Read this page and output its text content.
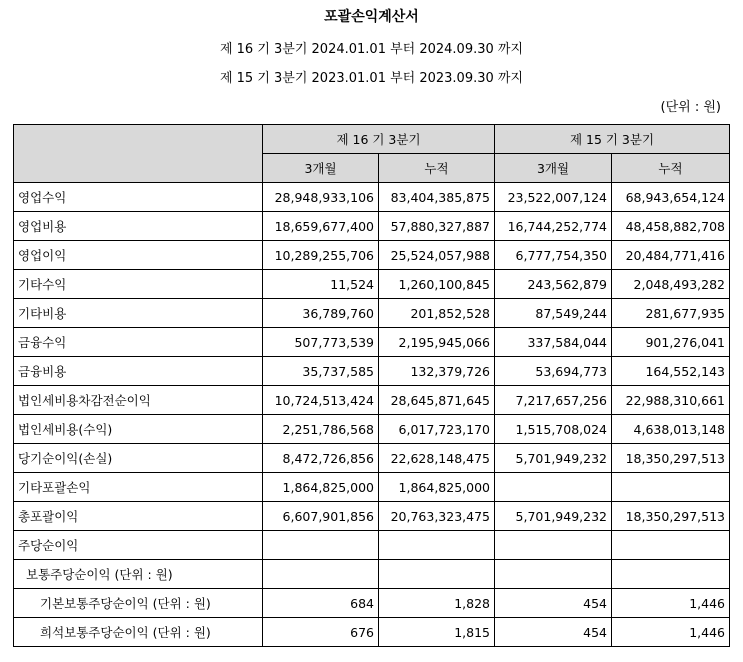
포괄손익계산서
제 16 기 3분기 2024.01.01 부터 2024.09.30 까지
제 15 기 3분기 2023.01.01 부터 2023.09.30 까지
(단위 : 원)
	제 16 기 3분기		제 15 기 3분기	
	3개월	누적	3개월	누적
영업수익	28,948,933,106	83,404,385,875	23,522,007,124	68,943,654,124
영업비용	18,659,677,400	57,880,327,887	16,744,252,774	48,458,882,708
영업이익	10,289,255,706	25,524,057,988	6,777,754,350	20,484,771,416
기타수익	11,524	1,260,100,845	243,562,879	2,048,493,282
기타비용	36,789,760	201,852,528	87,549,244	281,677,935
금융수익	507,773,539	2,195,945,066	337,584,044	901,276,041
금융비용	35,737,585	132,379,726	53,694,773	164,552,143
법인세비용차감전순이익	10,724,513,424	28,645,871,645	7,217,657,256	22,988,310,661
법인세비용(수익)	2,251,786,568	6,017,723,170	1,515,708,024	4,638,013,148
당기순이익(손실)	8,472,726,856	22,628,148,475	5,701,949,232	18,350,297,513
기타포괄손익	1,864,825,000	1,864,825,000		
총포괄이익	6,607,901,856	20,763,323,475	5,701,949,232	18,350,297,513
주당순이익				
보통주당순이익 (단위 : 원)				
기본보통주당순이익 (단위 : 원)	684	1,828	454	1,446
희석보통주당순이익 (단위 : 원)	676	1,815	454	1,446
